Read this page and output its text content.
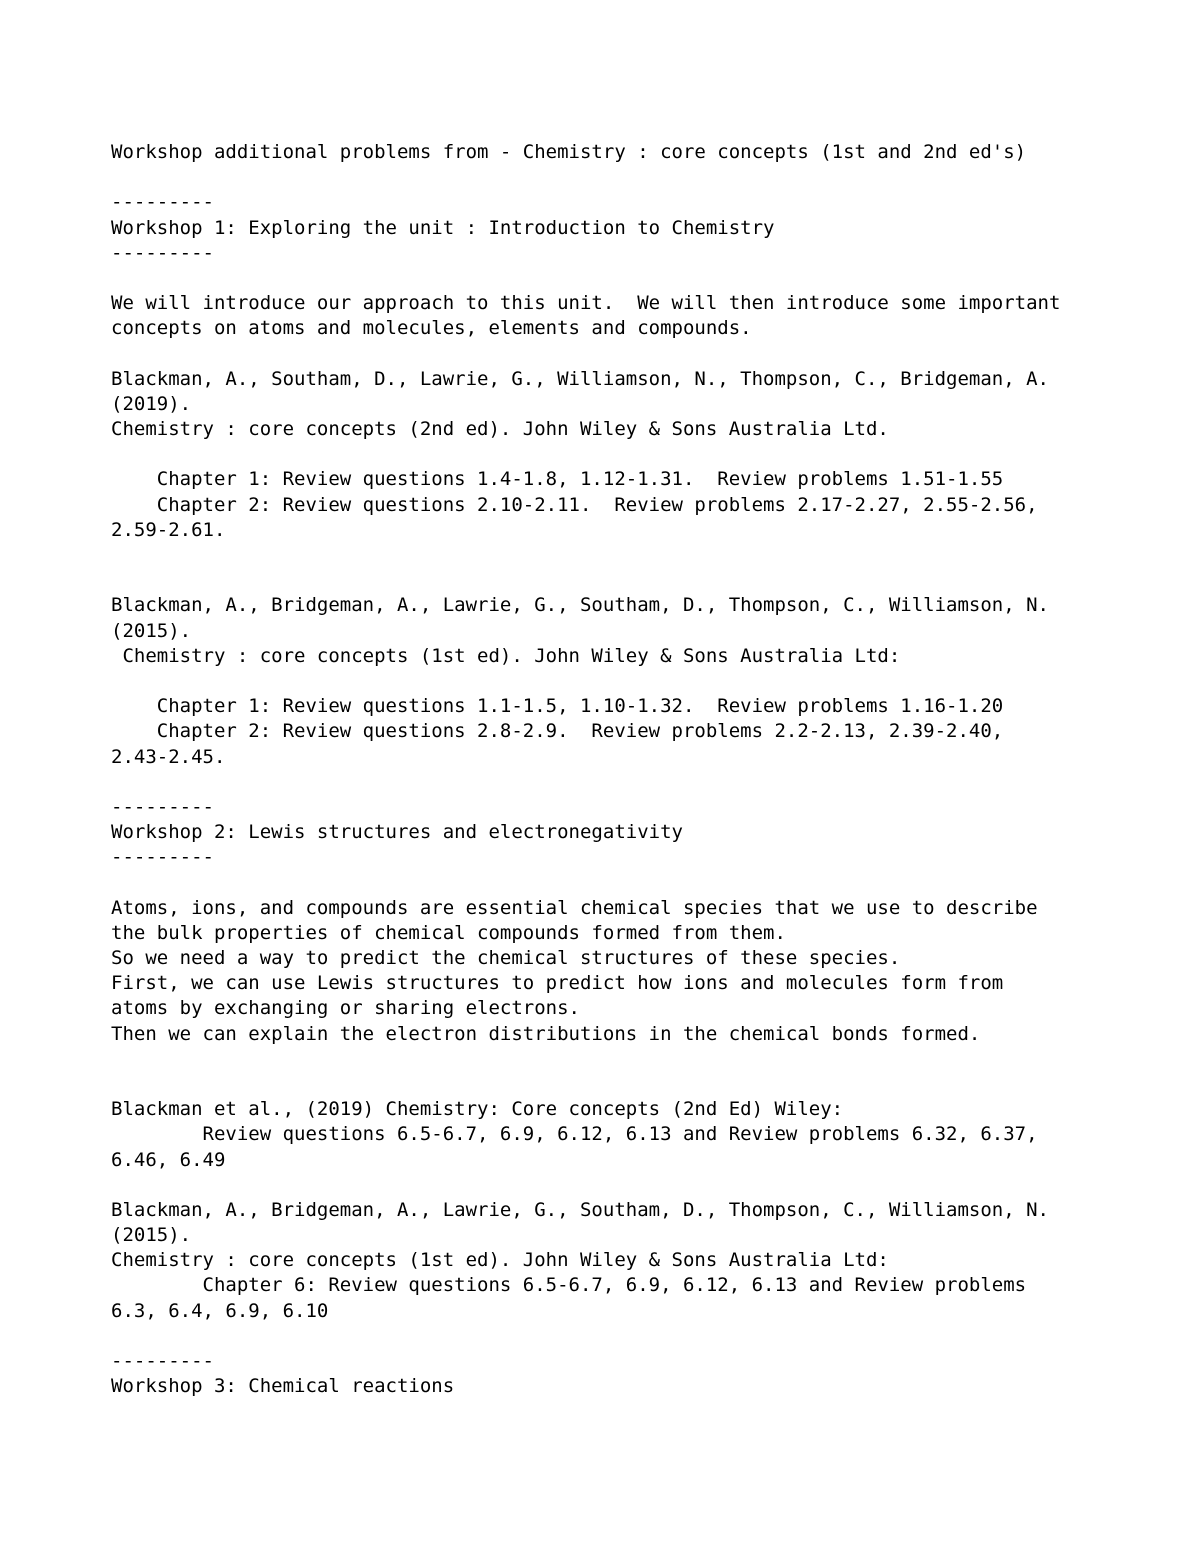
Workshop additional problems from - Chemistry : core concepts (1st and 2nd ed's)
---------
Workshop 1: Exploring the unit : Introduction to Chemistry
---------
We will introduce our approach to this unit.  We will then introduce some important
concepts on atoms and molecules, elements and compounds.
Blackman, A., Southam, D., Lawrie, G., Williamson, N., Thompson, C., Bridgeman, A.
(2019).
Chemistry : core concepts (2nd ed). John Wiley & Sons Australia Ltd.
Chapter 1: Review questions 1.4-1.8, 1.12-1.31.  Review problems 1.51-1.55
Chapter 2: Review questions 2.10-2.11.  Review problems 2.17-2.27, 2.55-2.56,
2.59-2.61.
Blackman, A., Bridgeman, A., Lawrie, G., Southam, D., Thompson, C., Williamson, N.
(2015).
Chemistry : core concepts (1st ed). John Wiley & Sons Australia Ltd:
Chapter 1: Review questions 1.1-1.5, 1.10-1.32.  Review problems 1.16-1.20
Chapter 2: Review questions 2.8-2.9.  Review problems 2.2-2.13, 2.39-2.40,
2.43-2.45.
---------
Workshop 2: Lewis structures and electronegativity
---------
Atoms, ions, and compounds are essential chemical species that we use to describe
the bulk properties of chemical compounds formed from them.
So we need a way to predict the chemical structures of these species.
First, we can use Lewis structures to predict how ions and molecules form from
atoms by exchanging or sharing electrons.
Then we can explain the electron distributions in the chemical bonds formed.
Blackman et al., (2019) Chemistry: Core concepts (2nd Ed) Wiley:
Review questions 6.5-6.7, 6.9, 6.12, 6.13 and Review problems 6.32, 6.37,
6.46, 6.49
Blackman, A., Bridgeman, A., Lawrie, G., Southam, D., Thompson, C., Williamson, N.
(2015).
Chemistry : core concepts (1st ed). John Wiley & Sons Australia Ltd:
Chapter 6: Review questions 6.5-6.7, 6.9, 6.12, 6.13 and Review problems
6.3, 6.4, 6.9, 6.10
---------
Workshop 3: Chemical reactions
